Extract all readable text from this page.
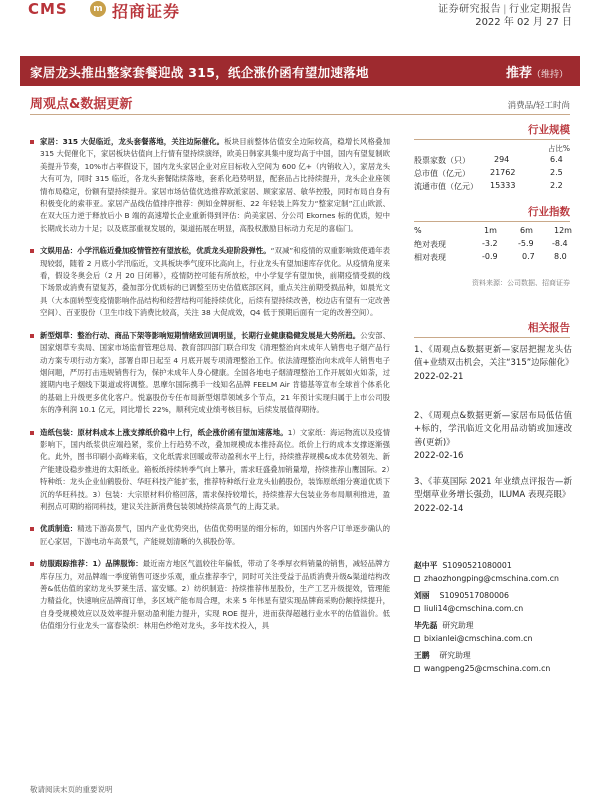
CMS	m 招商证券	证券研究报告 | 行业定期报告
2022 年 02 月 27 日
家居龙头推出整家套餐迎战 315，纸企涨价函有望加速落地	推荐（维持）
周观点&数据更新	消费品/轻工时尚
家居：315 大促临近，龙头套餐落地，关注边际催化。板块目前整体估值安全边际较高，稳增长风格叠加 315 大促催化下，家居板块估值向上行情有望持续演绎，欧美日韩家具集中度均高于中国，国内有望复制欧美提升节奏，10%市占率假设下，国内龙头家居企业对应目标收入空间为 600 亿+（内销收入），家居龙头大有可为，同时 315 临近，各龙头套餐陆续落地，套系化趋势明显，配套品占比持续提升，龙头企业座领情布局稳定，份额有望持续提升。家居市场估值优选推荐欧派家居、顾家家居、敏华控股，同时布局自身有积极变化的索菲亚。家居产品线估值排序推荐：例如金牌厨柜、22 年轻装上阵发力“整家定制”江山欧派、在双大压力逆于释放后小 B 端的高速增长企业重新得到评估：尚美家居、分公司 Ekornes 标的优质，短中长期成长动力十足；以及底部重视发展的，渠道拓展在明显，高股权激励目标动力充足的喜临门。
文娱用品：小学汛临近叠加疫情管控有望放松，优质龙头迎阶段弹性。“双减”和疫情的双重影响致使通年表现较弱，随着 2 月底小学汛临近，文具板块季气度环比高向上，行业龙头有望加速库存优化。从疫情角度来看，假设冬奥会后（2 月 20 日闭幕），疫情防控可能有所放松，中小学复学有望加快，前期疫情受损的线下场景或消费有望复苏，叠加部分优质标的已调整至历史估值底部区间，重点关注前期受损品种，如晨光文具（大本面转型变疫情影响作品结构和经营结构可能持续优化，后续有望持续改善，校边店有望有一定改善空间）、百亚股份（卫生巾线下消费比较高，关注 38 大促成效，Q4 低于预期后面有一定的改善空间）。
新型烟草：整治行动、商品下架等影响短期情绪致回调明显，长期行业健康稳健发展是大势所趋。公安部、国家烟草专卖局、国家市场监督管理总局、教育部四部门联合印发《清理整治向未成年人销售电子烟产品行动方案专项行动方案》，部署自即日起至 4 月底开展专项清理整治工作。依法清理整治向未成年人销售电子烟问题，严厉打击违规销售行为，保护未成年人身心健康。全国各地电子烟清理整治工作开展如火如荼，过渡期内电子烟线下渠道或将调整。思摩尔国际携手一线知名品牌 FEELM Air 肯德基等宣布全球首个体系化的基础上升级更多优化客户。悦嘉股份专任布局新型烟草领域多个节点，21 年预计实现归属于上市公司股东的净利润 10.1 亿元，同比增长 22%，顺利完成业绩考核目标，后续发展值得期待。
造纸包装：原材料成本上涨支撑纸价稳中上行，纸企涨价函有望加速落地。1）文家纸：海运物流以及疫情影响下，国内纸浆供应端趋紧，浆价上行趋势不改，叠加规模成本推持高位。纸价上行的成本支撑逐渐强化。此外，图书印刷小高峰来临，文化纸需求回暖或带动盈利水平上行，持续推荐规模&成本优势领先、新产能建设稳步推进的太阳纸业。箱板纸持续转季气向上攀升，需求旺盛叠加销量增，持续推荐山鹰国际。2）特种纸：龙头企业仙鹤股份、华旺科技产能扩张，推荐特种纸行业龙头仙鹤股份，装饰原纸细分赛道优质下沉的华旺科技。3）包装：大宗原材料价格回落，需求保持较增长，持续推荐大包装业务布局顺利推进，盈利拐点可期的裕同科技，建议关注新消费包装领域持续高景气的上海艾录。
优质制造：精选下游高景气，国内产业优势突出，估值优势明显的细分标的，如国内外客户订单逐步确认的匠心家居，下游电动车高景气，产能规划清晰的久祺股份等。
纺服跟踪推荐：1）品牌服饰：最近南方地区气温较往年偏低，带动了冬季厚衣料销量的销售，减轻品牌方库存压力，对品牌端一季度销售可逐步乐观，重点推荐李宁，同时可关注受益于品质消费升级&渠道结构改善&低估值的家纺龙头罗莱生活、富安娜。2）纺织制造：持续推荐伟星股份，生产工艺升级提效，管理能力精益化，快速响应品牌商订单，多区域产能布局合理，未来 5 年伟星有望实现品牌商采购份额持续提升，自身受规模效应以及效率提升驱动盈利能力提升，实现 ROE 提升，进而获得超越行业水平的估值溢价。低估值细分行业龙头一富春染织：林用色纱绝对龙头，多年技术投入，具
行业规模
占比%
股票家数（只）	294	6.4
总市值（亿元）	21762	2.5
流通市值（亿元） 15333	2.2
行业指数
%	1m	6m	12m
绝对表现	-3.2	-5.9 -8.4
相对表现	-0.9	0.7 8.0
资料来源：公司数据、招商证券
相关报告
1、《周观点&数据更新—家居把握龙头估值+业绩双击机会，关注“315”边际催化》
2022-02-21
2、《周观点&数据更新—家居布局低估值+标的，学汛临近文化用品动销或加速改善(更新)》
2022-02-16
3、《菲莫国际 2021 年业绩点评报告—新型烟草业务增长强劲，ILUMA 表现亮眼》
2022-02-14
赵中平 S1090521080001
zhaozhongping@cmschina.com.cn
刘丽 S1090517080006
liuli14@cmschina.com.cn
毕先磊 研究助理
bixianlei@cmschina.com.cn
王鹏 研究助理
wangpeng25@cmschina.com.cn
敬请阅读末页的重要说明
